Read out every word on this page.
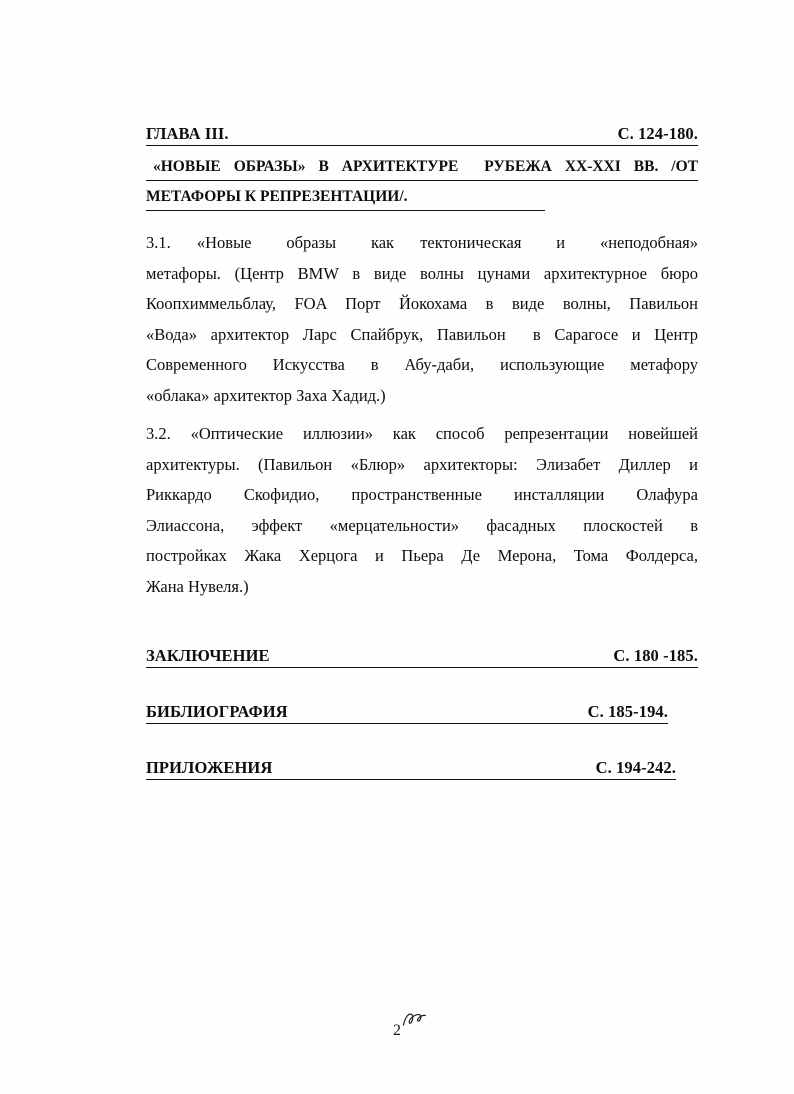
ГЛАВА III.	С. 124-180.
«НОВЫЕ  ОБРАЗЫ»  В  АРХИТЕКТУРЕ    РУБЕЖА  XX-XXI  ВВ.  /ОТ
МЕТАФОРЫ К РЕПРЕЗЕНТАЦИИ/.
3.1.   «Новые    образы    как   тектоническая    и    «неподобная»
метафоры. (Центр BMW в виде волны цунами архитектурное бюро
Коопхиммельблау, FOA Порт Йокохама в виде волны, Павильон
«Вода» архитектор Ларс Спайбрук, Павильон  в Сарагосе и Центр
Современного  Искусства  в  Абу-даби,  использующие  метафору
«облака» архитектор Заха Хадид.)
3.2. «Оптические иллюзии» как способ репрезентации новейшей
архитектуры. (Павильон «Блюр» архитекторы: Элизабет Диллер и
Риккардо  Скофидио,  пространственные  инсталляции  Олафура
Элиассона,  эффект  «мерцательности»  фасадных  плоскостей  в
постройках Жака Херцога и Пьера Де Мерона, Тома Фолдерса,
Жана Нувеля.)
ЗАКЛЮЧЕНИЕ	С. 180 -185.
БИБЛИОГРАФИЯ	С. 185-194.
ПРИЛОЖЕНИЯ	С. 194-242.
2
